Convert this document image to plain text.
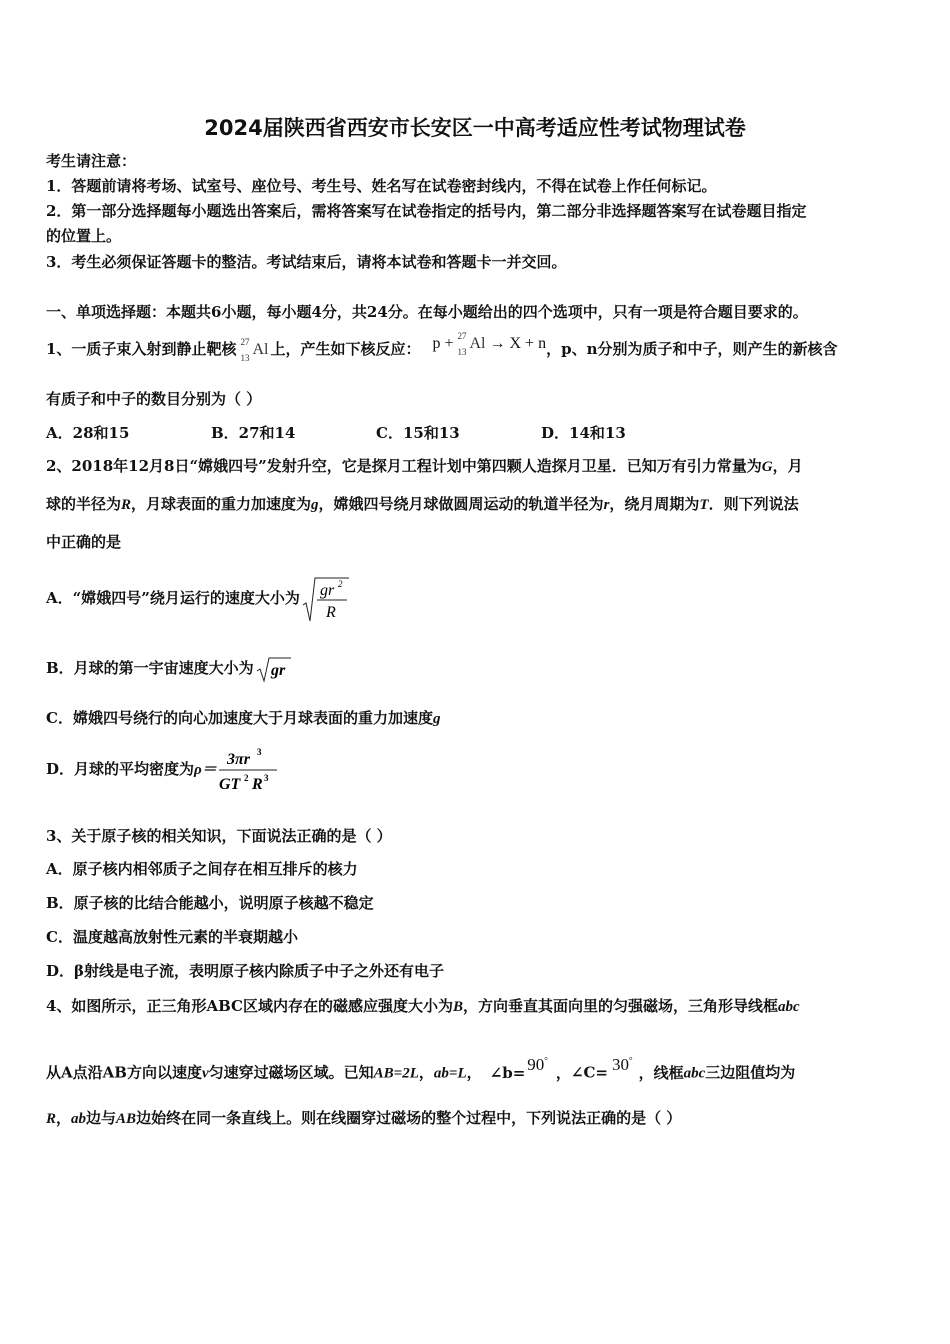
2024届陕西省西安市长安区一中高考适应性考试物理试卷
考生请注意：
1．答题前请将考场、试室号、座位号、考生号、姓名写在试卷密封线内，不得在试卷上作任何标记。
2．第一部分选择题每小题选出答案后，需将答案写在试卷指定的括号内，第二部分非选择题答案写在试卷题目指定
的位置上。
3．考生必须保证答题卡的整洁。考试结束后，请将本试卷和答题卡一并交回。
一、单项选择题：本题共6小题，每小题4分，共24分。在每小题给出的四个选项中，只有一项是符合题目要求的。
1、一质子束入射到静止靶核 27
13 Al 上，产生如下核反应： p + 27
13 Al → X + n，p、n分别为质子和中子，则产生的新核含
有质子和中子的数目分别为（ ）
A．28和15	B．27和14	C．15和13	D．14和13
2、2018年12月8日“嫦娥四号”发射升空，它是探月工程计划中第四颗人造探月卫星．已知万有引力常量为G，月
球的半径为R，月球表面的重力加速度为g，嫦娥四号绕月球做圆周运动的轨道半径为r，绕月周期为T．则下列说法
中正确的是
A．“嫦娥四号”绕月运行的速度大小为 gr 2
R
B．月球的第一宇宙速度大小为 gr
C．嫦娥四号绕行的向心加速度大于月球表面的重力加速度g
D．月球的平均密度为ρ＝
3πr 3
GT 2 R 3
3、关于原子核的相关知识，下面说法正确的是（ ）
A．原子核内相邻质子之间存在相互排斥的核力
B．原子核的比结合能越小，说明原子核越不稳定
C．温度越高放射性元素的半衰期越小
D．β射线是电子流，表明原子核内除质子中子之外还有电子
4、如图所示，正三角形ABC区域内存在的磁感应强度大小为B，方向垂直其面向里的匀强磁场，三角形导线框abc
从A点沿AB方向以速度v匀速穿过磁场区域。已知AB=2L，ab=L， ∠b= 90°，∠C= 30°，线框abc三边阻值均为
R，ab边与AB边始终在同一条直线上。则在线圈穿过磁场的整个过程中，下列说法正确的是（ ）
